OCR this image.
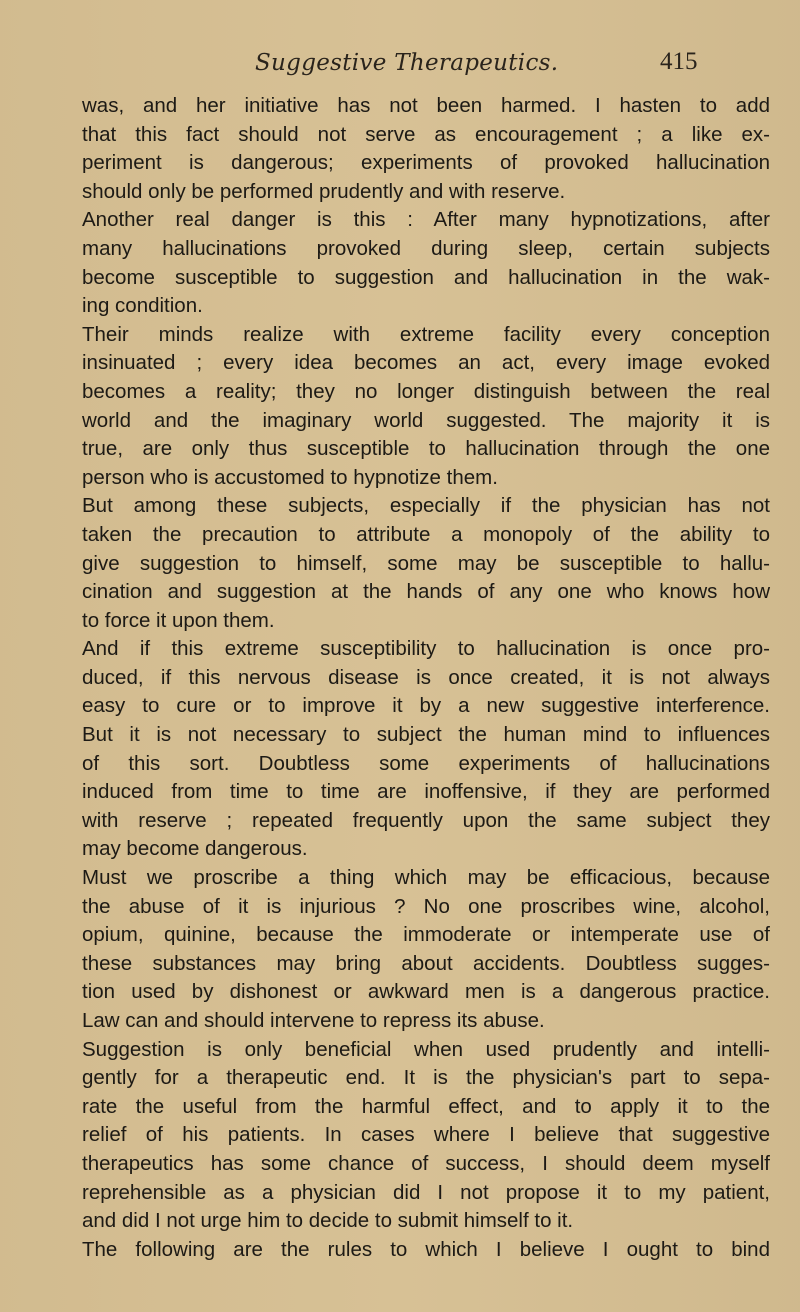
Suggestive Therapeutics.	415
was, and her initiative has not been harmed. I hasten to add
that this fact should not serve as encouragement ; a like ex-
periment is dangerous; experiments of provoked hallucination
should only be performed prudently and with reserve.
Another real danger is this : After many hypnotizations, after
many hallucinations provoked during sleep, certain subjects
become susceptible to suggestion and hallucination in the wak-
ing condition.
Their minds realize with extreme facility every conception
insinuated ; every idea becomes an act, every image evoked
becomes a reality; they no longer distinguish between the real
world and the imaginary world suggested. The majority it is
true, are only thus susceptible to hallucination through the one
person who is accustomed to hypnotize them.
But among these subjects, especially if the physician has not
taken the precaution to attribute a monopoly of the ability to
give suggestion to himself, some may be susceptible to hallu-
cination and suggestion at the hands of any one who knows how
to force it upon them.
And if this extreme susceptibility to hallucination is once pro-
duced, if this nervous disease is once created, it is not always
easy to cure or to improve it by a new suggestive interference.
But it is not necessary to subject the human mind to influences
of this sort. Doubtless some experiments of hallucinations
induced from time to time are inoffensive, if they are performed
with reserve ; repeated frequently upon the same subject they
may become dangerous.
Must we proscribe a thing which may be efficacious, because
the abuse of it is injurious ? No one proscribes wine, alcohol,
opium, quinine, because the immoderate or intemperate use of
these substances may bring about accidents. Doubtless sugges-
tion used by dishonest or awkward men is a dangerous practice.
Law can and should intervene to repress its abuse.
Suggestion is only beneficial when used prudently and intelli-
gently for a therapeutic end. It is the physician's part to sepa-
rate the useful from the harmful effect, and to apply it to the
relief of his patients. In cases where I believe that suggestive
therapeutics has some chance of success, I should deem myself
reprehensible as a physician did I not propose it to my patient,
and did I not urge him to decide to submit himself to it.
The following are the rules to which I believe I ought to bind
